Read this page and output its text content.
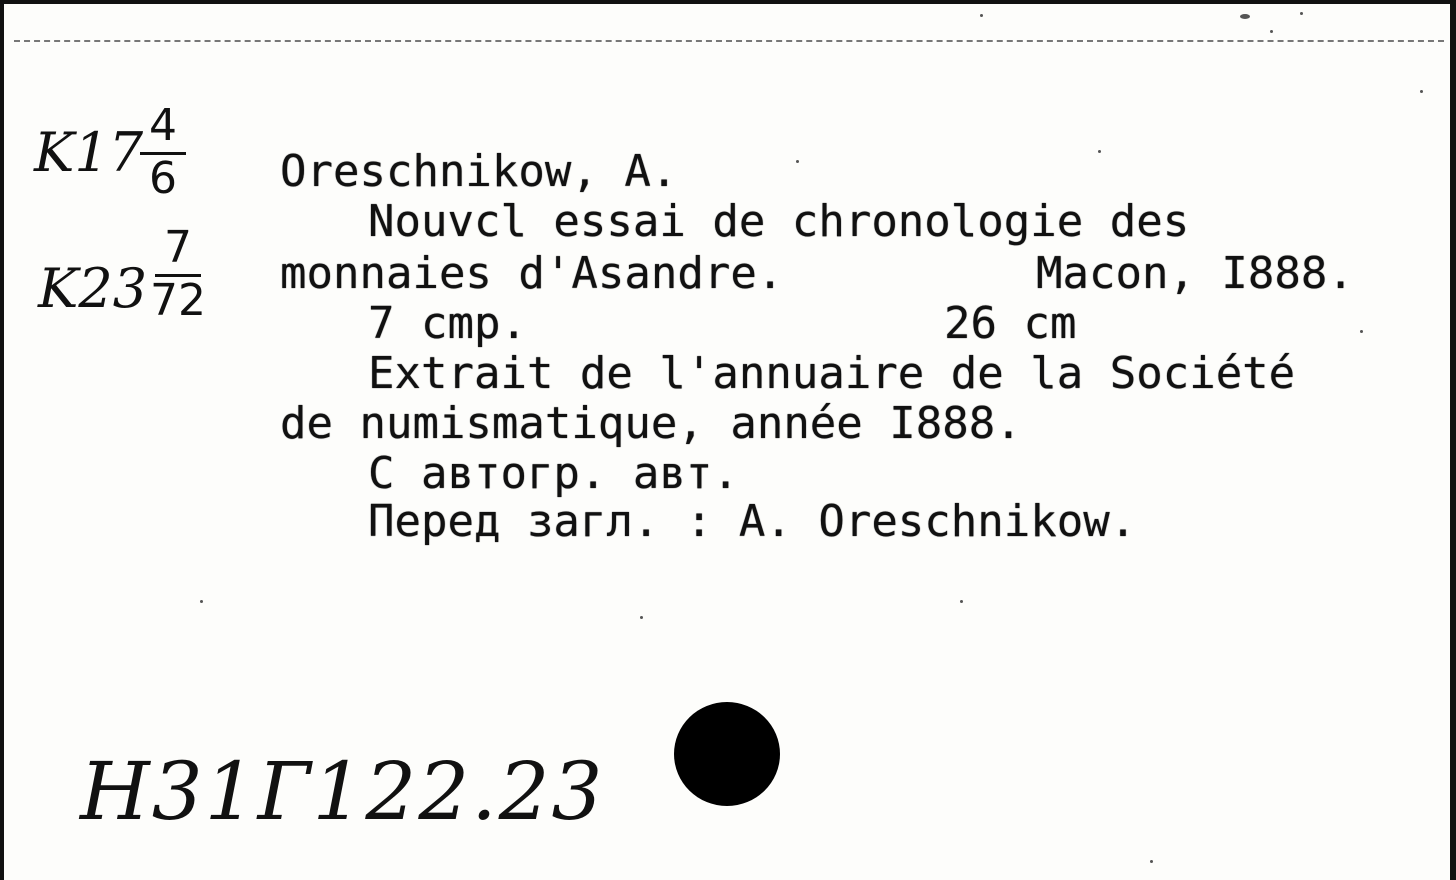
K17 4
6
K23
7
72
Oreschnikow, A.
Nouvcl essai de chronologie des
monnaies d'Asandre.	Macon, I888.
7 cmp.	26 cm
Extrait de l'annuaire de la Société
de numismatique, année I888.
С автогр. авт.
Перед загл. : А. Oreschnikow.
Н31Г122.23
